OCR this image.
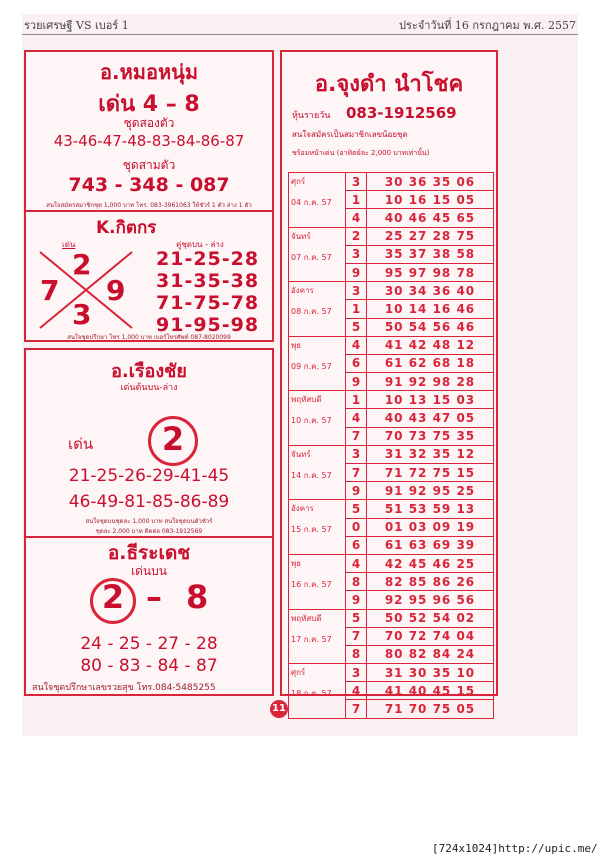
รวยเศรษฐี VS เบอร์ 1	ประจำวันที่ 16 กรกฎาคม พ.ศ. 2557
อ.หมอหนุ่ม
เด่น 4 – 8
ชุดสองตัว
43-46-47-48-83-84-86-87
ชุดสามตัว
743 - 348 - 087
สนใจสมัครสมาชิกชุด 1,000 บาท โทร. 083-3961063 ให้ชัวร์ 1 ตัว ล่าง 1 ตัว
K.กิตกร
เด่น	คู่ชุดบน - ล่าง
2
7 9
3
21-25-28
31-35-38
71-75-78
91-95-98
สนใจชุดปรึกษา โทร 1,000 บาท เบอร์โทรศัพท์ 087-8020099
อ.เรืองชัย
เด่นต้นบน-ล่าง
เด่น	2
21-25-26-29-41-45
46-49-81-85-86-89
สนใจชุดบนชุดละ 1,000 บาท สนใจชุดบนตัวชัวร์
ชุดละ 2,000 บาท ติดต่อ 083-1912569
อ.ธีระเดช
เด่นบน
2 – 8
24 - 25 - 27 - 28
80 - 83 - 84 - 87
สนใจชุดปรึกษาเลขรวยสุข โทร.084-5485255
อ.จุงดำ นำโชค
หุ้นรายวัน 083-1912569
สนใจสมัครเป็นสมาชิกเลขน้อยชุด
ชร้อมหน้าเด่น (อาทิตย์ละ 2,000 บาทเท่านั้น)
ศุกร์
04 ก.ค. 57	3	30 36 35 06
	1	10 16 15 05
	4	40 46 45 65

จันทร์
07 ก.ค. 57	2	25 27 28 75
	3	35 37 38 58
	9	95 97 98 78

อังคาร
08 ก.ค. 57	3	30 34 36 40
	1	10 14 16 46
	5	50 54 56 46

พุธ
09 ก.ค. 57	4	41 42 48 12
	6	61 62 68 18
	9	91 92 98 28

พฤหัสบดี
10 ก.ค. 57	1	10 13 15 03
	4	40 43 47 05
	7	70 73 75 35

จันทร์
14 ก.ค. 57	3	31 32 35 12
	7	71 72 75 15
	9	91 92 95 25

อังคาร
15 ก.ค. 57	5	51 53 59 13
	0	01 03 09 19
	6	61 63 69 39

พุธ
16 ก.ค. 57	4	42 45 46 25
	8	82 85 86 26
	9	92 95 96 56

พฤหัสบดี
17 ก.ค. 57	5	50 52 54 02
	7	70 72 74 04
	8	80 82 84 24

ศุกร์
18 ก.ค. 57	3	31 30 35 10
	4	41 40 45 15
	7	71 70 75 05
11
[724x1024]http://upic.me/
